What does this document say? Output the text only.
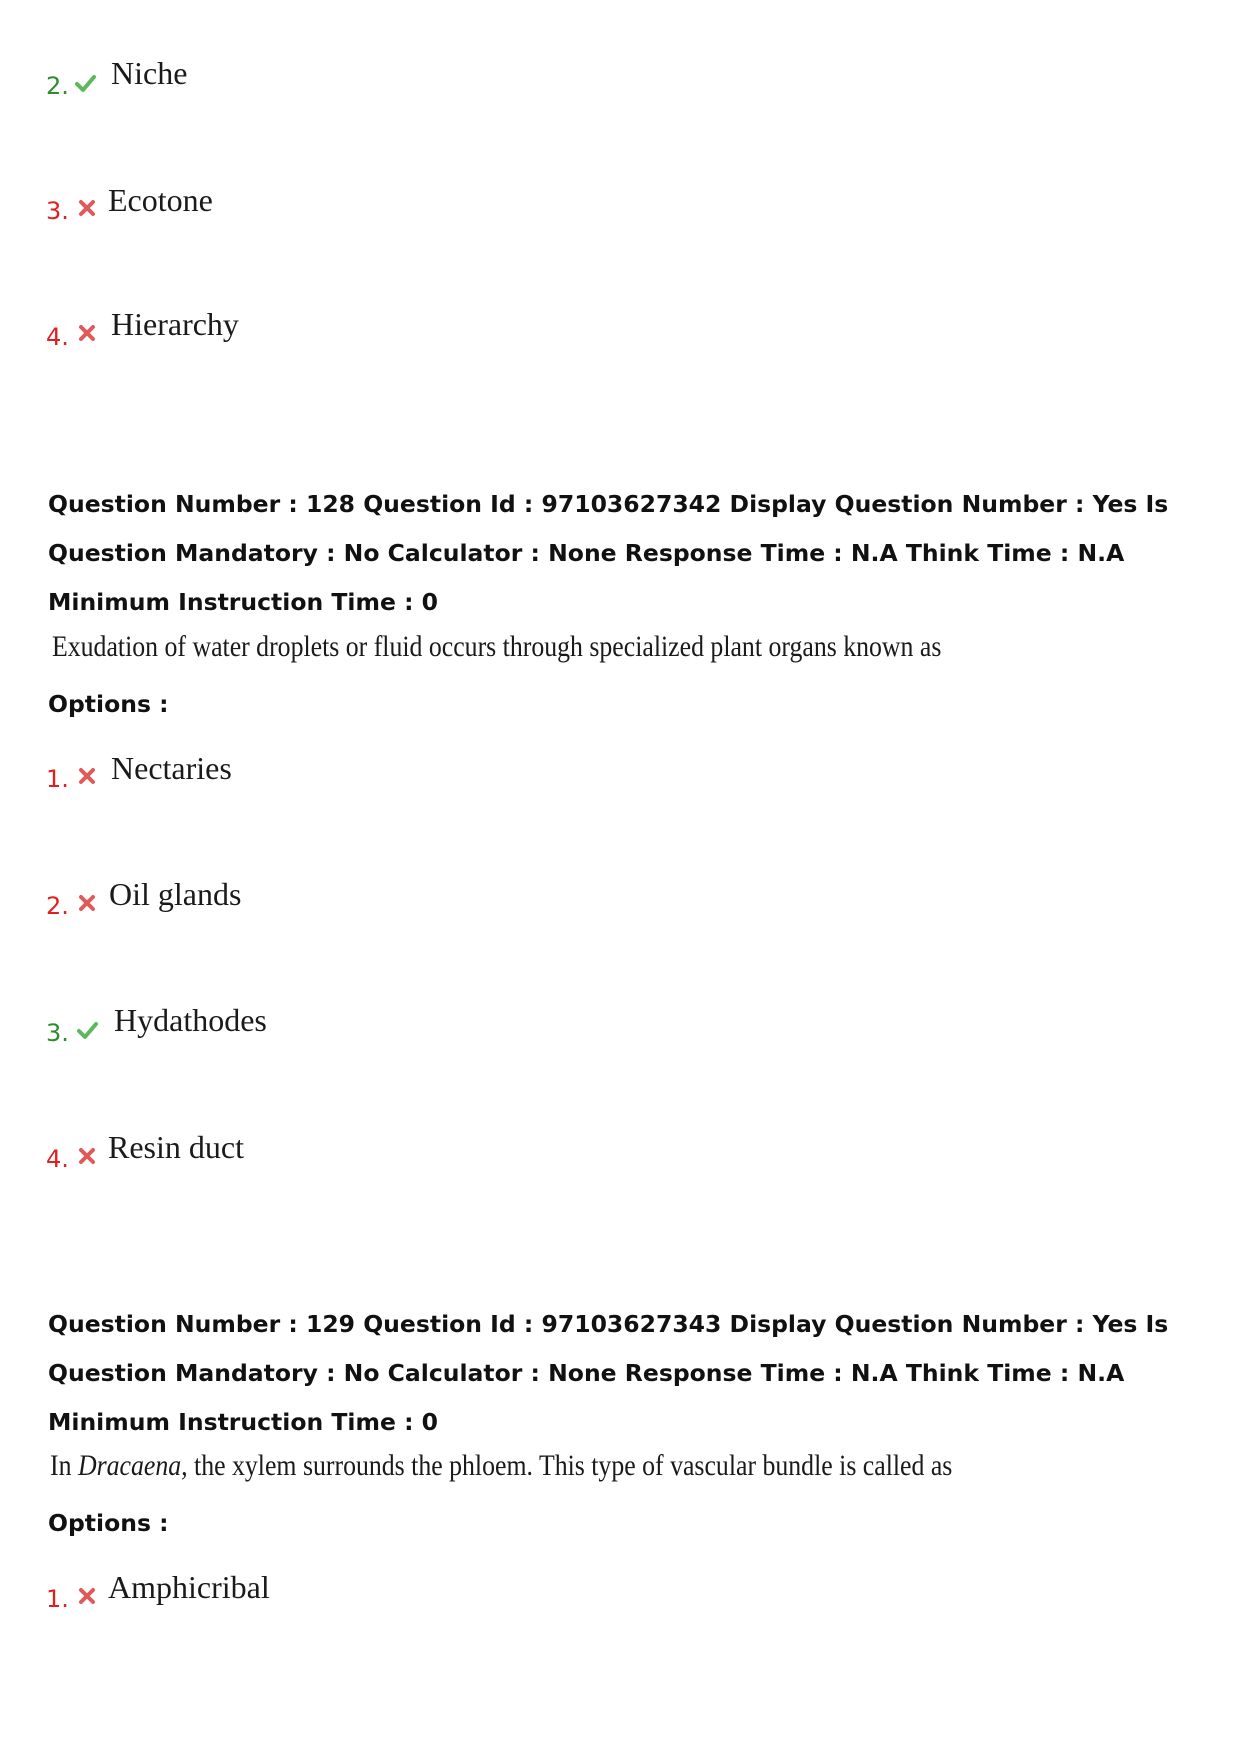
2. Niche
3. Ecotone
4. Hierarchy
Question Number : 128 Question Id : 97103627342 Display Question Number : Yes Is Question Mandatory : No Calculator : None Response Time : N.A Think Time : N.A Minimum Instruction Time : 0
Exudation of water droplets or fluid occurs through specialized plant organs known as
Options :
1. Nectaries
2. Oil glands
3. Hydathodes
4. Resin duct
Question Number : 129 Question Id : 97103627343 Display Question Number : Yes Is Question Mandatory : No Calculator : None Response Time : N.A Think Time : N.A Minimum Instruction Time : 0
In Dracaena, the xylem surrounds the phloem. This type of vascular bundle is called as
Options :
1. Amphicribal
